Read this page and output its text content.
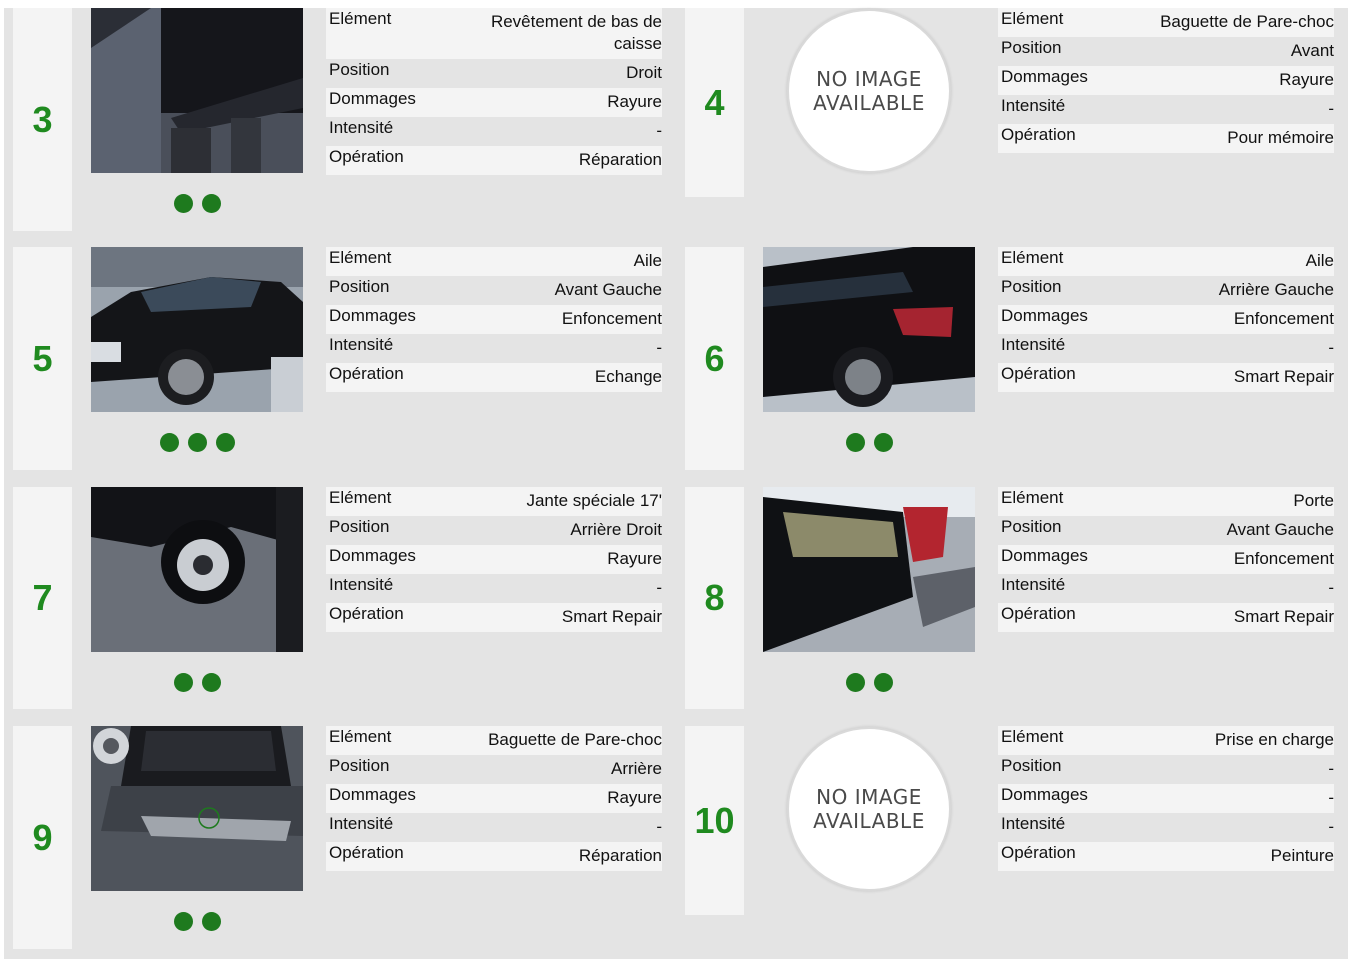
3
Elément	Revêtement de bas de caisse
Position	Droit
Dommages	Rayure
Intensité	-
Opération	Réparation
4
NO IMAGE
AVAILABLE
Elément	Baguette de Pare-choc
Position	Avant
Dommages	Rayure
Intensité	-
Opération	Pour mémoire
5
Elément	Aile
Position	Avant Gauche
Dommages	Enfoncement
Intensité	-
Opération	Echange 6
Elément	Aile
Position	Arrière Gauche
Dommages	Enfoncement
Intensité	-
Opération	Smart Repair
7
Elément	Jante spéciale 17'
Position	Arrière Droit
Dommages	Rayure
Intensité	-
Opération	Smart Repair 8
Elément	Porte
Position	Avant Gauche
Dommages	Enfoncement
Intensité	-
Opération	Smart Repair
9
Elément	Baguette de Pare-choc
Position	Arrière
Dommages	Rayure
Intensité	-
Opération	Réparation
10
NO IMAGE
AVAILABLE
Elément	Prise en charge
Position	-
Dommages	-
Intensité	-
Opération	Peinture
